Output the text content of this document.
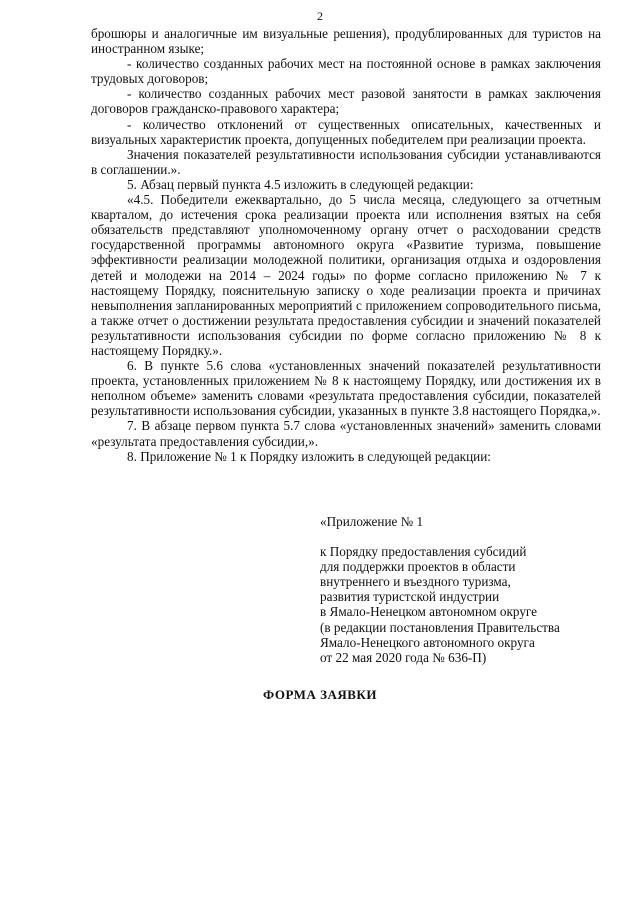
2

брошюры и аналогичные им визуальные решения), продублированных для туристов на иностранном языке;

- количество созданных рабочих мест на постоянной основе в рамках заключения трудовых договоров;

- количество созданных рабочих мест разовой занятости в рамках заключения договоров гражданско-правового характера;

- количество отклонений от существенных описательных, качественных и визуальных характеристик проекта, допущенных победителем при реализации проекта.

Значения показателей результативности использования субсидии устанавливаются в соглашении.».

5. Абзац первый пункта 4.5 изложить в следующей редакции:

«4.5. Победители ежеквартально, до 5 числа месяца, следующего за отчетным кварталом, до истечения срока реализации проекта или исполнения взятых на себя обязательств представляют уполномоченному органу отчет о расходовании средств государственной программы автономного округа «Развитие туризма, повышение эффективности реализации молодежной политики, организация отдыха и оздоровления детей и молодежи на 2014 – 2024 годы» по форме согласно приложению № 7 к настоящему Порядку, пояснительную записку о ходе реализации проекта и причинах невыполнения запланированных мероприятий с приложением сопроводительного письма, а также отчет о достижении результата предоставления субсидии и значений показателей результативности использования субсидии по форме согласно приложению № 8 к настоящему Порядку.».

6. В пункте 5.6 слова «установленных значений показателей результативности проекта, установленных приложением № 8 к настоящему Порядку, или достижения их в неполном объеме» заменить словами «результата предоставления субсидии, показателей результативности использования субсидии, указанных в пункте 3.8 настоящего Порядка,».

7. В абзаце первом пункта 5.7 слова «установленных значений» заменить словами «результата предоставления субсидии,».

8. Приложение № 1 к Порядку изложить в следующей редакции:

«Приложение № 1

к Порядку предоставления субсидий

для поддержки проектов в области

внутреннего и въездного туризма,

развития туристской индустрии

в Ямало-Ненецком автономном округе

(в редакции постановления Правительства

Ямало-Ненецкого автономного округа

от 22 мая 2020 года № 636-П)

ФОРМА ЗАЯВКИ
